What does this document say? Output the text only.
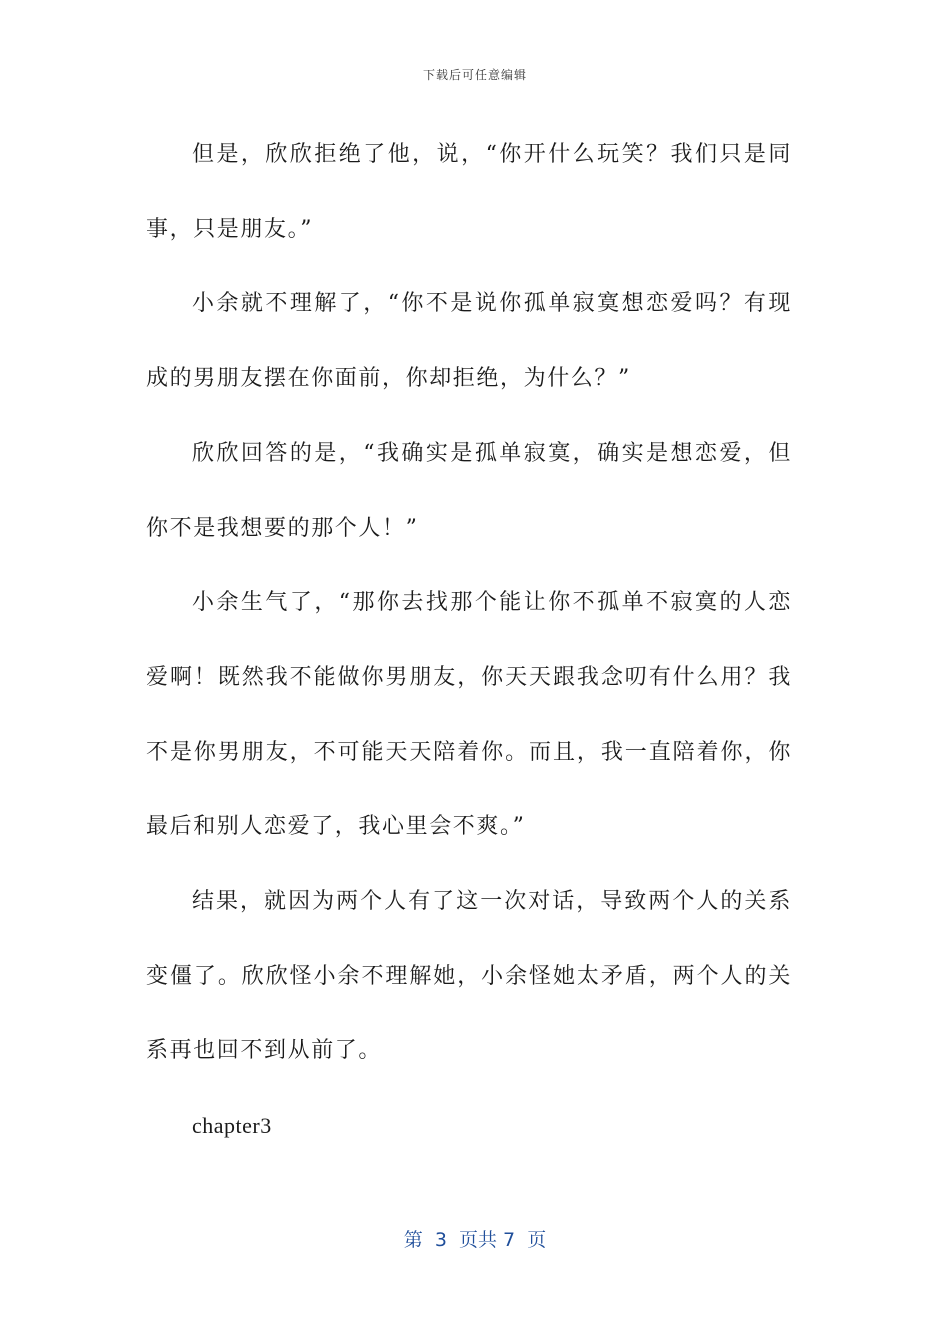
下载后可任意编辑

但是，欣欣拒绝了他，说，“你开什么玩笑？我们只是同事，只是朋友。”

小余就不理解了，“你不是说你孤单寂寞想恋爱吗？有现成的男朋友摆在你面前，你却拒绝，为什么？”

欣欣回答的是，“我确实是孤单寂寞，确实是想恋爱，但你不是我想要的那个人！”

小余生气了，“那你去找那个能让你不孤单不寂寞的人恋爱啊！既然我不能做你男朋友，你天天跟我念叨有什么用？我不是你男朋友，不可能天天陪着你。而且，我一直陪着你，你最后和别人恋爱了，我心里会不爽。”

结果，就因为两个人有了这一次对话，导致两个人的关系变僵了。欣欣怪小余不理解她，小余怪她太矛盾，两个人的关系再也回不到从前了。

chapter3

第  3  页共 7  页
